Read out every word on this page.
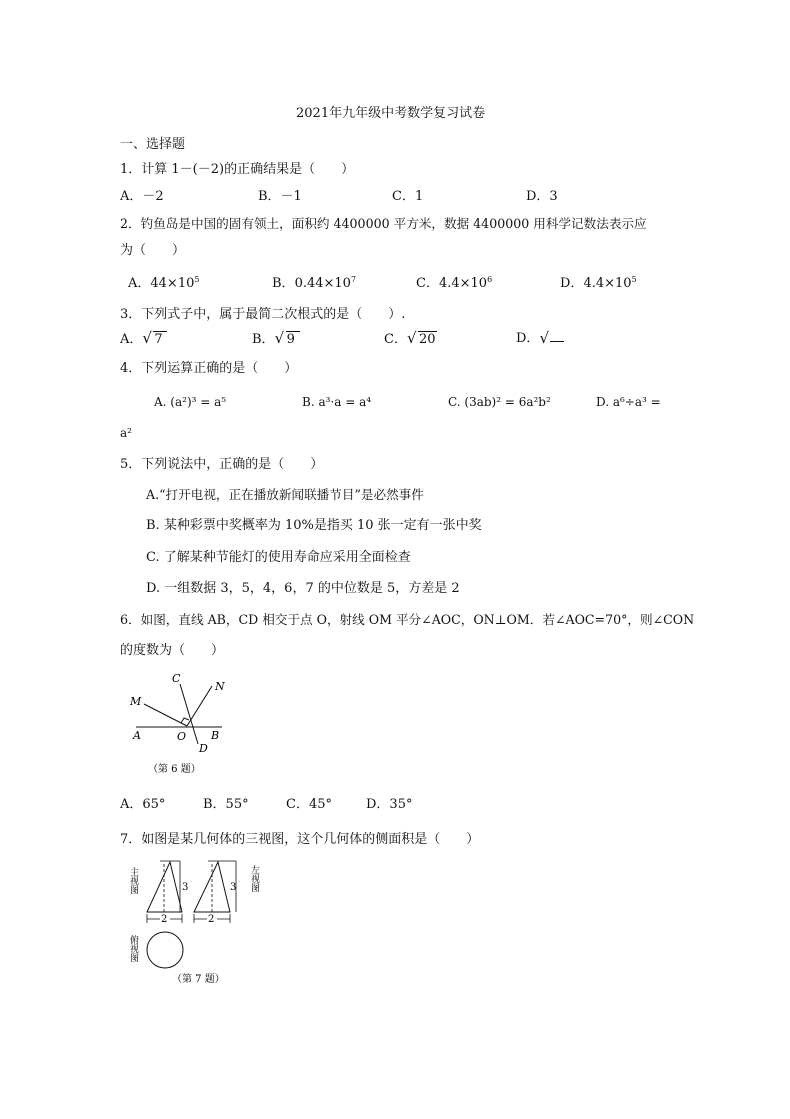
2021年九年级中考数学复习试卷
一、选择题
1．计算 1－(－2)的正确结果是（　　）
A．－2	B．－1	C．1	D．3
2．钓鱼岛是中国的固有领土，面积约 4400000 平方米，数据 4400000 用科学记数法表示应
为（　　）
A．$44\times 10^5$	B．$0.44\times 10^7$	C．$4.4\times 10^6$	D．$4.4\times 10^5$
3．下列式子中，属于最简二次根式的是（　　）.
A． √ 7	B． √ 9	C． √ 20	D．√
4．下列运算正确的是（　　）
A. (a²)³ = a⁵	B. a³·a = a⁴	C. (3ab)² = 6a²b²	D. a⁶÷a³ =
a²
5．下列说法中，正确的是（　　）
A.“打开电视，正在播放新闻联播节目”是必然事件
B. 某种彩票中奖概率为 10%是指买 10 张一定有一张中奖
C. 了解某种节能灯的使用寿命应采用全面检查
D. 一组数据 3，5，4，6，7 的中位数是 5，方差是 2
6．如图，直线 AB，CD 相交于点 O，射线 OM 平分∠AOC，ON⊥OM．若∠AOC=70°，则∠CON
的度数为（　　）
C
N
M
A	O B
D
（第 6 题）
A．65°	B．55°	C．45°	D．35°
7．如图是某几何体的三视图，这个几何体的侧面积是（　　）
主视图	3	3 左视图
2	2
俯视图
（第 7 题）
